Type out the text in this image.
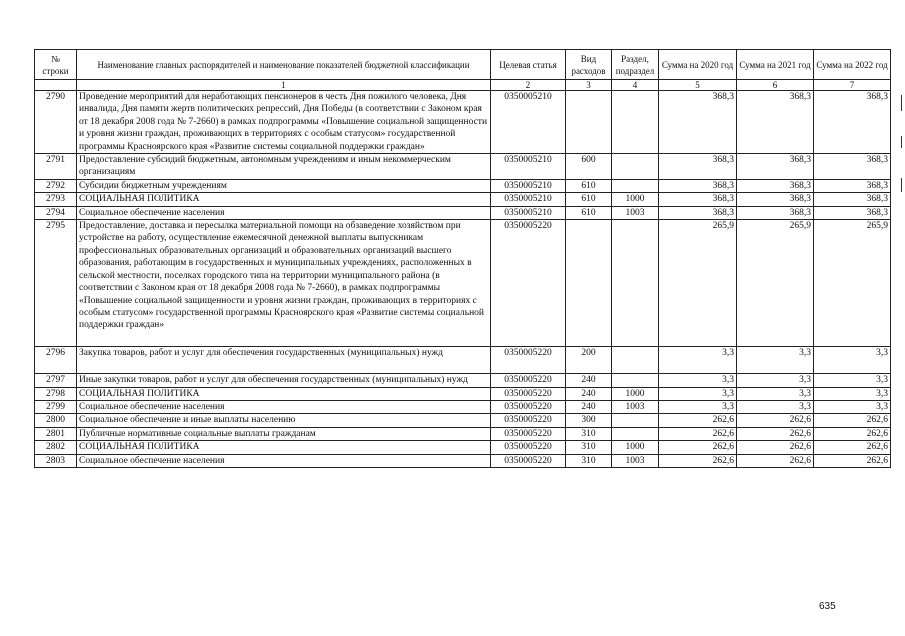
№ строки	Наименование главных распорядителей и наименование показателей бюджетной классификации	Целевая статья	Вид расходов	Раздел, подраздел	Сумма на 2020 год	Сумма на 2021 год	Сумма на 2022 год
	1	2	3	4	5	6	7
2790	Проведение мероприятий для неработающих пенсионеров в честь Дня пожилого человека, Дня инвалида, Дня памяти жертв политических репрессий, Дня Победы (в соответствии с Законом края от 18 декабря 2008 года № 7-2660) в рамках подпрограммы «Повышение социальной защищенности и уровня жизни граждан, проживающих в территориях с особым статусом» государственной программы Красноярского края «Развитие системы социальной поддержки граждан»	0350005210			368,3	368,3	368,3
2791	Предоставление субсидий бюджетным, автономным учреждениям и иным некоммерческим организациям	0350005210	600		368,3	368,3	368,3
2792	Субсидии бюджетным учреждениям	0350005210	610		368,3	368,3	368,3
2793	СОЦИАЛЬНАЯ ПОЛИТИКА	0350005210	610	1000	368,3	368,3	368,3
2794	Социальное обеспечение населения	0350005210	610	1003	368,3	368,3	368,3
2795	Предоставление, доставка и пересылка материальной помощи на обзаведение хозяйством при устройстве на работу, осуществление ежемесячной денежной выплаты выпускникам профессиональных образовательных организаций и образовательных организаций высшего образования, работающим в государственных и муниципальных учреждениях, расположенных в сельской местности, поселках городского типа на территории муниципального района (в соответствии с Законом края от 18 декабря 2008 года № 7-2660), в рамках подпрограммы «Повышение социальной защищенности и уровня жизни граждан, проживающих в территориях с особым статусом» государственной программы Красноярского края «Развитие системы социальной поддержки граждан»	0350005220			265,9	265,9	265,9
2796	Закупка товаров, работ и услуг для обеспечения государственных (муниципальных) нужд	0350005220	200		3,3	3,3	3,3
2797	Иные закупки товаров, работ и услуг для обеспечения государственных (муниципальных) нужд	0350005220	240		3,3	3,3	3,3
2798	СОЦИАЛЬНАЯ ПОЛИТИКА	0350005220	240	1000	3,3	3,3	3,3
2799	Социальное обеспечение населения	0350005220	240	1003	3,3	3,3	3,3
2800	Социальное обеспечение и иные выплаты населению	0350005220	300		262,6	262,6	262,6
2801	Публичные нормативные социальные выплаты гражданам	0350005220	310		262,6	262,6	262,6
2802	СОЦИАЛЬНАЯ ПОЛИТИКА	0350005220	310	1000	262,6	262,6	262,6
2803	Социальное обеспечение населения	0350005220	310	1003	262,6	262,6	262,6
635
